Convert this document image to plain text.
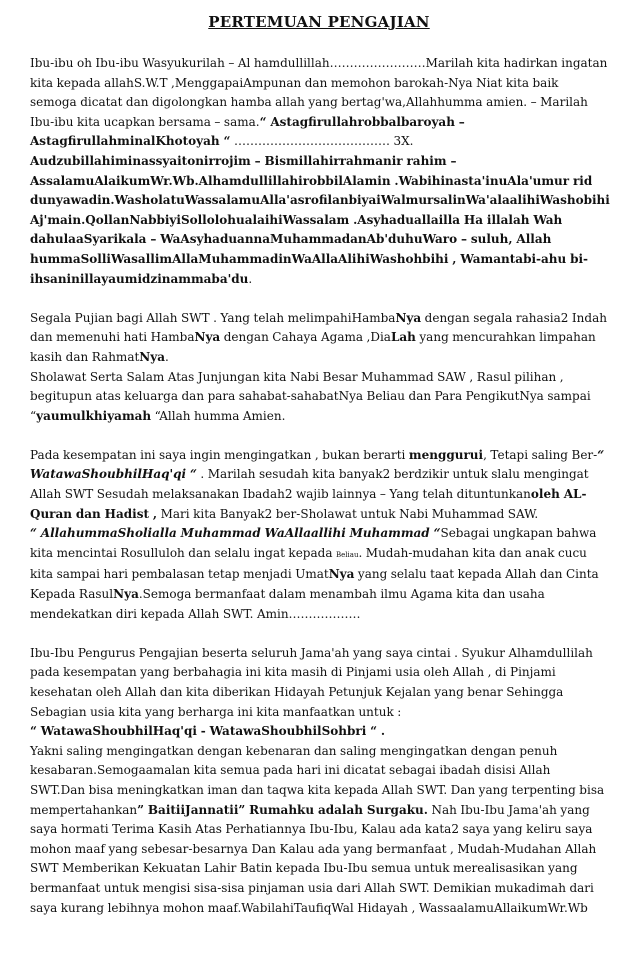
PERTEMUAN PENGAJIAN

Ibu-ibu oh Ibu-ibu Wasyukurilah – Al hamdullillah……………………Marilah kita hadirkan ingatan kita kepada allahS.W.T ,MenggapaiAmpunan dan memohon barokah-Nya Niat kita baik semoga dicatat dan digolongkan hamba allah yang bertag'wa,Allahhumma amien. – Marilah Ibu-ibu kita ucapkan bersama – sama.“ Astagfirullahrobbalbaroyah – AstagfirullahminalKhotoyah “ ………………………………… 3X.

Audzubillahiminassyaitonirrojim – Bismillahirrahmanir rahim – AssalamuAlaikumWr.Wb.AlhamdullillahirobbilAlamin .Wabihinasta'inuAla'umur rid dunyawadin.WasholatuWassalamuAlla'asrofilanbiyaiWalmursalinWa'alaalihiWashobihi Aj'main.QollanNabbiyiSollolohualaihiWassalam .Asyhaduallailla Ha illalah Wah dahulaaSyarikala – WaAsyhaduannaMuhammadanAb'duhuWaro – suluh, Allah hummaSolliWasallimAllaMuhammadinWaAllaAlihiWashohbihi , Wamantabi-ahu bi-ihsaninillayaumidzinammaba'du.

Segala Pujian bagi Allah SWT . Yang telah melimpahiHambaNya dengan segala rahasia2 Indah dan memenuhi hati HambaNya dengan Cahaya Agama ,DiaLah yang mencurahkan limpahan kasih dan RahmatNya.

Sholawat Serta Salam Atas Junjungan kita Nabi Besar Muhammad SAW , Rasul pilihan , begitupun atas keluarga dan para sahabat-sahabatNya Beliau dan Para PengikutNya sampai “yaumulkhiyamah “Allah humma Amien.

Pada kesempatan ini saya ingin mengingatkan , bukan berarti menggurui, Tetapi saling Ber-“ WatawaShoubhilHaq'qi “ . Marilah sesudah kita banyak2 berdzikir untuk slalu mengingat Allah SWT Sesudah melaksanakan Ibadah2 wajib lainnya – Yang telah dituntunkanoleh AL-Quran dan Hadist , Mari kita Banyak2 ber-Sholawat untuk Nabi Muhammad SAW.

“ AllahummaSholialla Muhammad WaAllaallihi Muhammad “Sebagai ungkapan bahwa kita mencintai Rosulluloh dan selalu ingat kepada Beliau. Mudah-mudahan kita dan anak cucu kita sampai hari pembalasan tetap menjadi UmatNya yang selalu taat kepada Allah dan Cinta Kepada RasulNya.Semoga bermanfaat dalam menambah ilmu Agama kita dan usaha mendekatkan diri kepada Allah SWT. Amin………………

Ibu-Ibu Pengurus Pengajian beserta seluruh Jama'ah yang saya cintai . Syukur Alhamdullilah pada kesempatan yang berbahagia ini kita masih di Pinjami usia oleh Allah , di Pinjami kesehatan oleh Allah dan kita diberikan Hidayah Petunjuk Kejalan yang benar Sehingga Sebagian usia kita yang berharga ini kita manfaatkan untuk :

“ WatawaShoubhilHaq'qi - WatawaShoubhilSohbri “ .

Yakni saling mengingatkan dengan kebenaran dan saling mengingatkan dengan penuh kesabaran.Semogaamalan kita semua pada hari ini dicatat sebagai ibadah disisi Allah SWT.Dan bisa meningkatkan iman dan taqwa kita kepada Allah SWT. Dan yang terpenting bisa mempertahankan” BaitiiJannatii” Rumahku adalah Surgaku. Nah Ibu-Ibu Jama'ah yang saya hormati Terima Kasih Atas Perhatiannya Ibu-Ibu, Kalau ada kata2 saya yang keliru saya mohon maaf yang sebesar-besarnya Dan Kalau ada yang bermanfaat , Mudah-Mudahan Allah SWT Memberikan Kekuatan Lahir Batin kepada Ibu-Ibu semua untuk merealisasikan yang bermanfaat untuk mengisi sisa-sisa pinjaman usia dari Allah SWT. Demikian mukadimah dari saya kurang lebihnya mohon maaf.WabilahiTaufiqWal Hidayah , WassaalamuAllaikumWr.Wb
